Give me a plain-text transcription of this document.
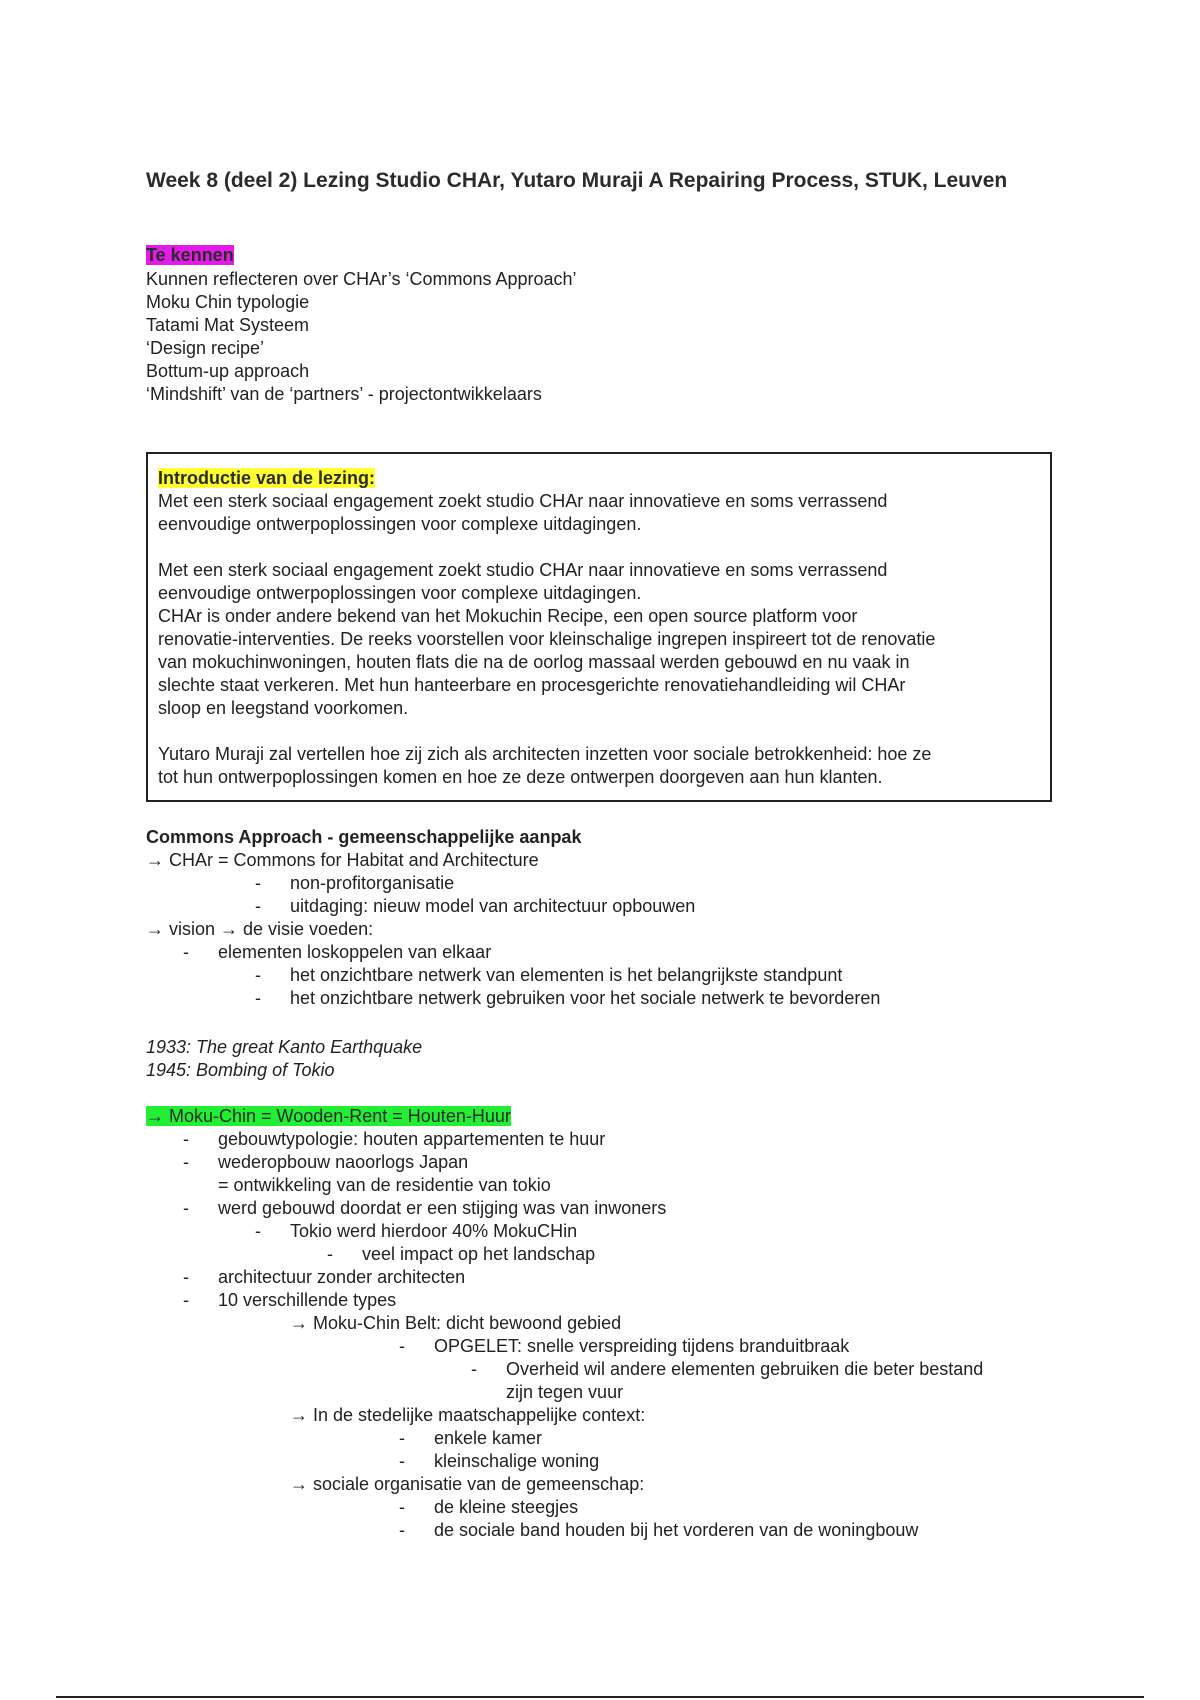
Week 8 (deel 2) Lezing Studio CHAr, Yutaro Muraji A Repairing Process, STUK, Leuven
Te kennen
Kunnen reflecteren over CHAr’s ‘Commons Approach’
Moku Chin typologie
Tatami Mat Systeem
‘Design recipe’
Bottum-up approach
‘Mindshift’ van de ‘partners’ - projectontwikkelaars
Introductie van de lezing:
Met een sterk sociaal engagement zoekt studio CHAr naar innovatieve en soms verrassend
eenvoudige ontwerpoplossingen voor complexe uitdagingen.
Met een sterk sociaal engagement zoekt studio CHAr naar innovatieve en soms verrassend
eenvoudige ontwerpoplossingen voor complexe uitdagingen.
CHAr is onder andere bekend van het Mokuchin Recipe, een open source platform voor
renovatie-interventies. De reeks voorstellen voor kleinschalige ingrepen inspireert tot de renovatie
van mokuchinwoningen, houten flats die na de oorlog massaal werden gebouwd en nu vaak in
slechte staat verkeren. Met hun hanteerbare en procesgerichte renovatiehandleiding wil CHAr
sloop en leegstand voorkomen.
Yutaro Muraji zal vertellen hoe zij zich als architecten inzetten voor sociale betrokkenheid: hoe ze
tot hun ontwerpoplossingen komen en hoe ze deze ontwerpen doorgeven aan hun klanten.
Commons Approach - gemeenschappelijke aanpak
→ CHAr = Commons for Habitat and Architecture
- non-profitorganisatie
- uitdaging: nieuw model van architectuur opbouwen
→ vision → de visie voeden:
- elementen loskoppelen van elkaar
- het onzichtbare netwerk van elementen is het belangrijkste standpunt
- het onzichtbare netwerk gebruiken voor het sociale netwerk te bevorderen
1933: The great Kanto Earthquake
1945: Bombing of Tokio
→ Moku-Chin = Wooden-Rent = Houten-Huur
- gebouwtypologie: houten appartementen te huur
- wederopbouw naoorlogs Japan
= ontwikkeling van de residentie van tokio
- werd gebouwd doordat er een stijging was van inwoners
- Tokio werd hierdoor 40% MokuCHin
- veel impact op het landschap
- architectuur zonder architecten
- 10 verschillende types
→ Moku-Chin Belt: dicht bewoond gebied
- OPGELET: snelle verspreiding tijdens branduitbraak
- Overheid wil andere elementen gebruiken die beter bestand
zijn tegen vuur
→ In de stedelijke maatschappelijke context:
- enkele kamer
- kleinschalige woning
→ sociale organisatie van de gemeenschap:
- de kleine steegjes
- de sociale band houden bij het vorderen van de woningbouw
